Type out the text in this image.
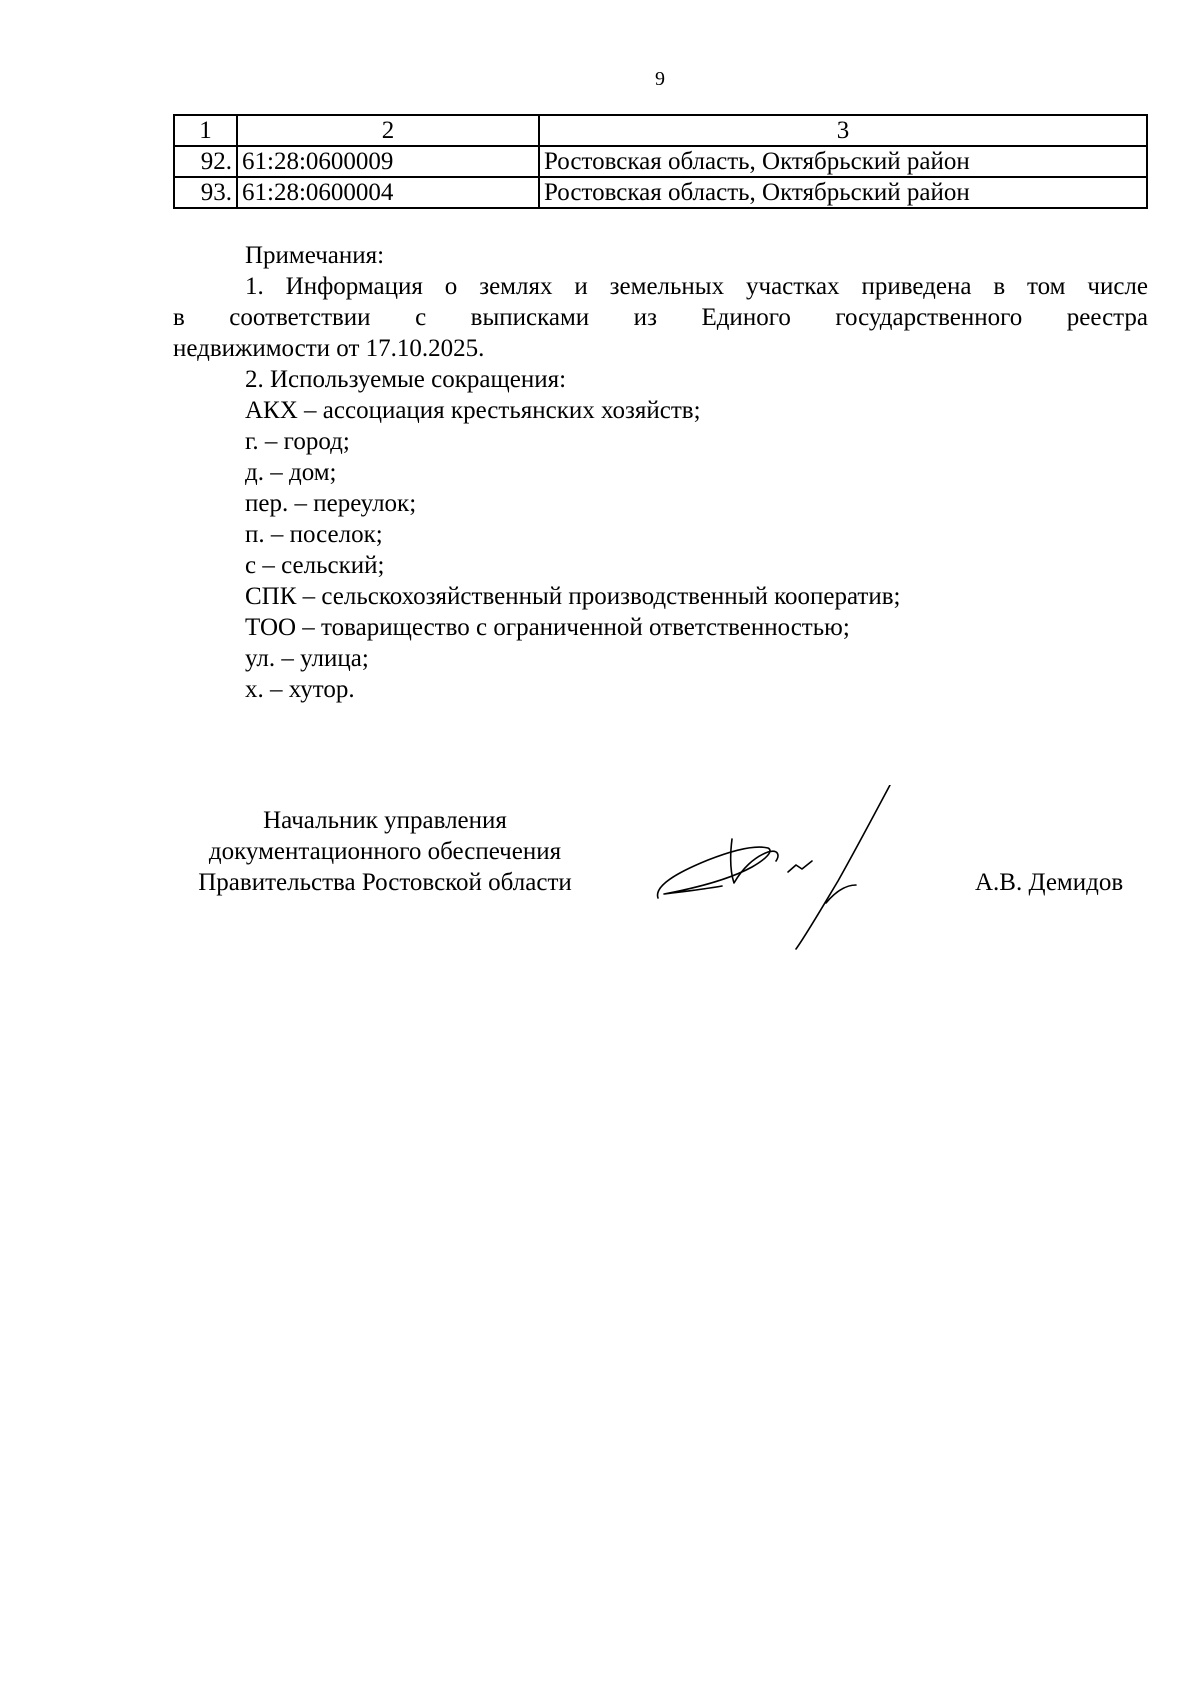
9
1	2	3
92.	61:28:0600009	Ростовская область, Октябрьский район
93.	61:28:0600004	Ростовская область, Октябрьский район

Примечания:

1. Информация о землях и земельных участках приведена в том числе

в соответствии с выписками из Единого государственного реестра

недвижимости от 17.10.2025.

2. Используемые сокращения:

АКХ – ассоциация крестьянских хозяйств;

г. – город;

д. – дом;

пер. – переулок;

п. – поселок;

с – сельский;

СПК – сельскохозяйственный производственный кооператив;

ТОО – товарищество с ограниченной ответственностью;

ул. – улица;

х. – хутор.

Начальник управления

документационного обеспечения

Правительства Ростовской области	А.В. Демидов
